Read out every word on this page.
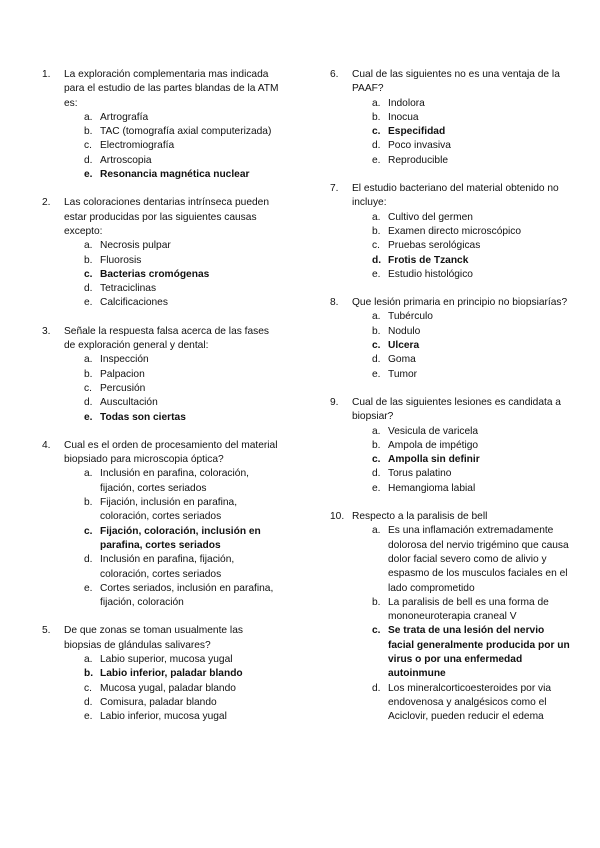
1. La exploración complementaria mas indicada para el estudio de las partes blandas de la ATM es:
a. Artrografía
b. TAC (tomografía axial computerizada)
c. Electromiografía
d. Artroscopia
e. Resonancia magnética nuclear
2. Las coloraciones dentarias intrínseca pueden estar producidas por las siguientes causas excepto:
a. Necrosis pulpar
b. Fluorosis
c. Bacterias cromógenas
d. Tetraciclinas
e. Calcificaciones
3. Señale la respuesta falsa acerca de las fases de exploración general y dental:
a. Inspección
b. Palpacion
c. Percusión
d. Auscultación
e. Todas son ciertas
4. Cual es el orden de procesamiento del material biopsiado para microscopia óptica?
a. Inclusión en parafina, coloración, fijación, cortes seriados
b. Fijación, inclusión en parafina, coloración, cortes seriados
c. Fijación, coloración, inclusión en parafina, cortes seriados
d. Inclusión en parafina, fijación, coloración, cortes seriados
e. Cortes seriados, inclusión en parafina, fijación, coloración
5. De que zonas se toman usualmente las biopsias de glándulas salivares?
a. Labio superior, mucosa yugal
b. Labio inferior, paladar blando
c. Mucosa yugal, paladar blando
d. Comisura, paladar blando
e. Labio inferior, mucosa yugal
6. Cual de las siguientes no es una ventaja de la PAAF?
a. Indolora
b. Inocua
c. Especifidad
d. Poco invasiva
e. Reproducible
7. El estudio bacteriano del material obtenido no incluye:
a. Cultivo del germen
b. Examen directo microscópico
c. Pruebas serológicas
d. Frotis de Tzanck
e. Estudio histológico
8. Que lesión primaria en principio no biopsiarías?
a. Tubérculo
b. Nodulo
c. Ulcera
d. Goma
e. Tumor
9. Cual de las siguientes lesiones es candidata a biopsiar?
a. Vesicula de varicela
b. Ampola de impétigo
c. Ampolla sin definir
d. Torus palatino
e. Hemangioma labial
10. Respecto a la paralisis de bell
a. Es una inflamación extremadamente dolorosa del nervio trigémino que causa dolor facial severo como de alivio y espasmo de los musculos faciales en el lado comprometido
b. La paralisis de bell es una forma de mononeuroterapia craneal V
c. Se trata de una lesión del nervio facial generalmente producida por un virus o por una enfermedad autoinmune
d. Los mineralcorticoesteroides por via endovenosa y analgésicos como el Aciclovir, pueden reducir el edema
